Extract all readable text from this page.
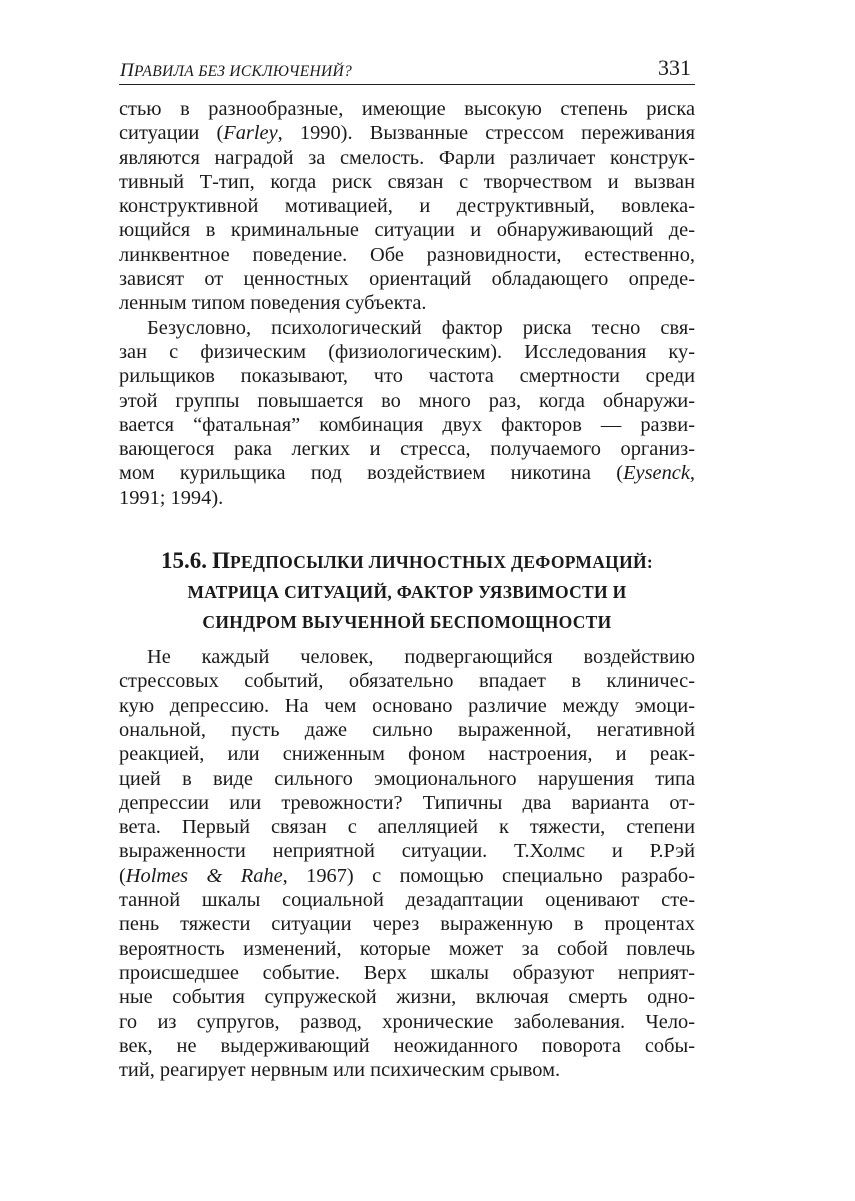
ПРАВИЛА БЕЗ ИСКЛЮЧЕНИЙ?	331
стью в разнообразные, имеющие высокую степень риска
ситуации (Farley, 1990). Вызванные стрессом переживания
являются наградой за смелость. Фарли различает конструк-
тивный Т-тип, когда риск связан с творчеством и вызван
конструктивной мотивацией, и деструктивный, вовлека-
ющийся в криминальные ситуации и обнаруживающий де-
линквентное поведение. Обе разновидности, естественно,
зависят от ценностных ориентаций обладающего опреде-
ленным типом поведения субъекта.
Безусловно, психологический фактор риска тесно свя-
зан с физическим (физиологическим). Исследования ку-
рильщиков показывают, что частота смертности среди
этой группы повышается во много раз, когда обнаружи-
вается “фатальная” комбинация двух факторов — разви-
вающегося рака легких и стресса, получаемого организ-
мом курильщика под воздействием никотина (Eysenck,
1991; 1994).
15.6. ПРЕДПОСЫЛКИ ЛИЧНОСТНЫХ ДЕФОРМАЦИЙ:
МАТРИЦА СИТУАЦИЙ, ФАКТОР УЯЗВИМОСТИ И
СИНДРОМ ВЫУЧЕННОЙ БЕСПОМОЩНОСТИ
Не каждый человек, подвергающийся воздействию
стрессовых событий, обязательно впадает в клиничес-
кую депрессию. На чем основано различие между эмоци-
ональной, пусть даже сильно выраженной, негативной
реакцией, или сниженным фоном настроения, и реак-
цией в виде сильного эмоционального нарушения типа
депрессии или тревожности? Типичны два варианта от-
вета. Первый связан с апелляцией к тяжести, степени
выраженности неприятной ситуации. Т.Холмс и Р.Рэй
(Holmes & Rahe, 1967) с помощью специально разрабо-
танной шкалы социальной дезадаптации оценивают сте-
пень тяжести ситуации через выраженную в процентах
вероятность изменений, которые может за собой повлечь
происшедшее событие. Верх шкалы образуют неприят-
ные события супружеской жизни, включая смерть одно-
го из супругов, развод, хронические заболевания. Чело-
век, не выдерживающий неожиданного поворота собы-
тий, реагирует нервным или психическим срывом.
